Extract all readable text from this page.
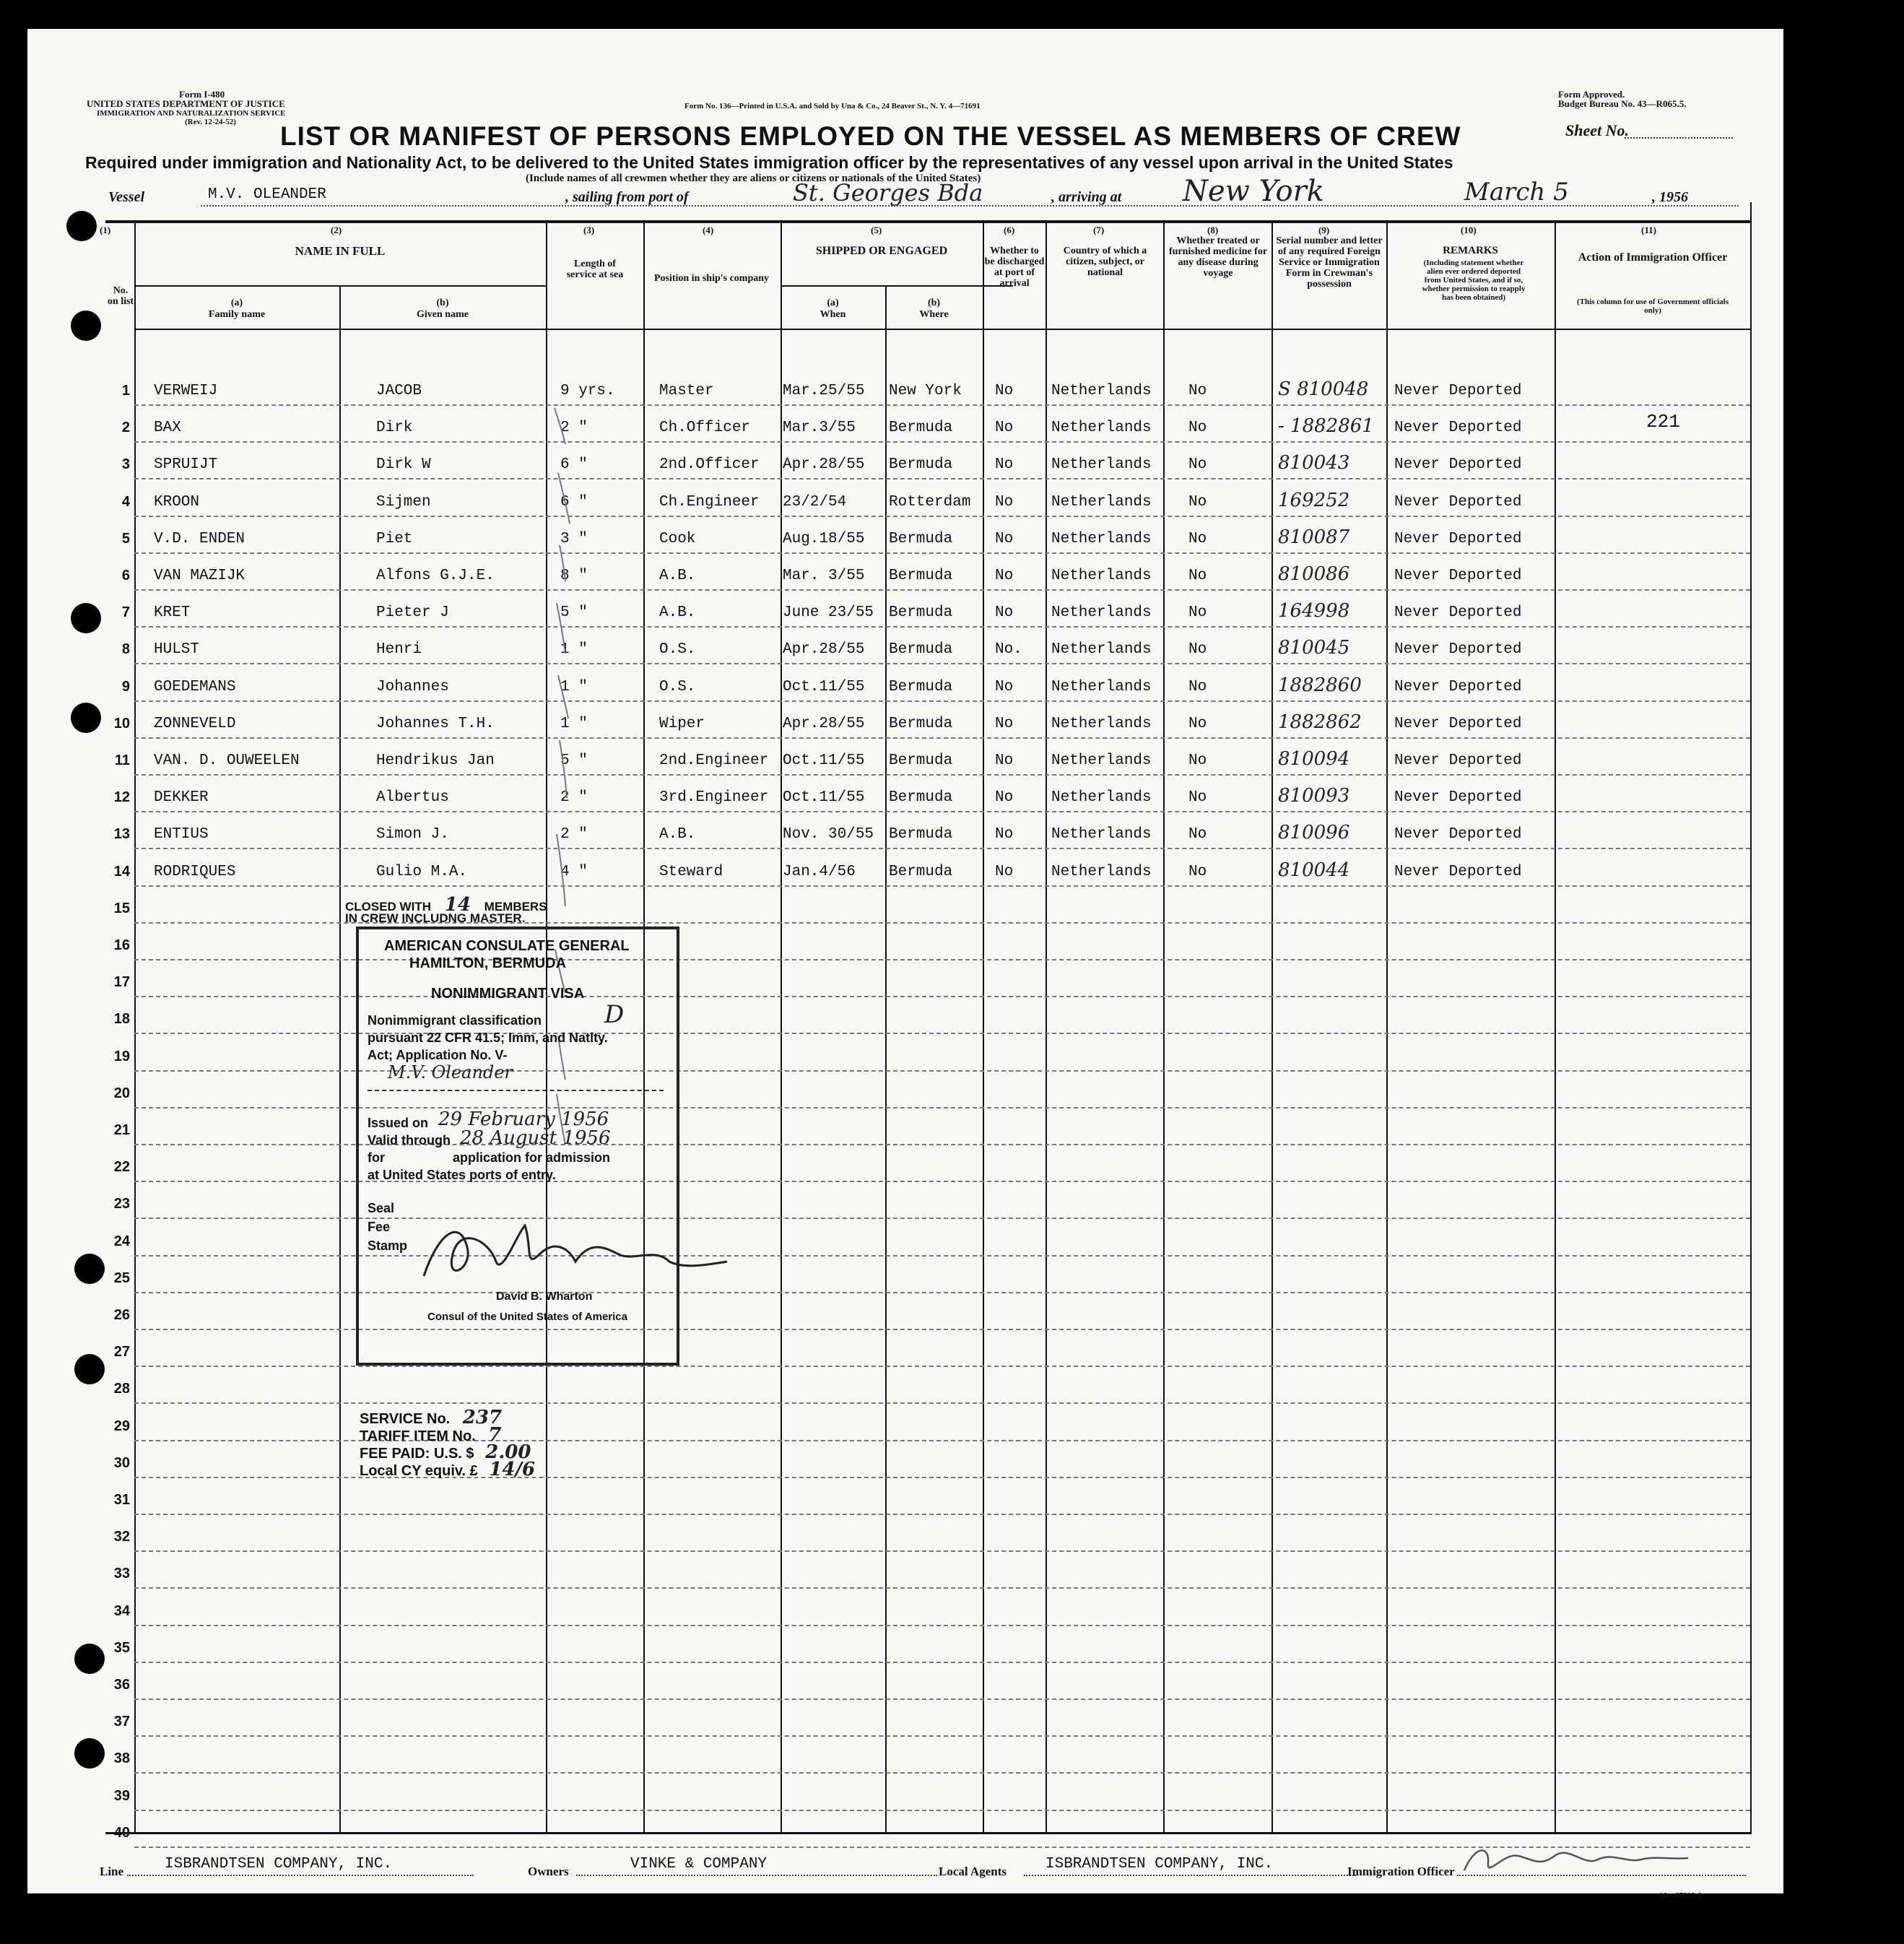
Form I-480
UNITED STATES DEPARTMENT OF JUSTICE
IMMIGRATION AND NATURALIZATION SERVICE
(Rev. 12-24-52)
Form No. 136—Printed in U.S.A. and Sold by Una & Co., 24 Beaver St., N. Y. 4—71691
Form Approved.
Budget Bureau No. 43—R065.5.
LIST OR MANIFEST OF PERSONS EMPLOYED ON THE VESSEL AS MEMBERS OF CREW	Sheet No.
Required under immigration and Nationality Act, to be delivered to the United States immigration officer by the representatives of any vessel upon arrival in the United States
(Include names of all crewmen whether they are aliens or citizens or nationals of the United States)
Vessel	M.V. OLEANDER	, sailing from port of	St. Georges Bda	, arriving at New York	March 5	, 1956
(1)	(2)	(3)	(4)	(5)	(6)	(7)	(8)	(9)	(10)	(11)
No. on list
NAME IN FULL
(a)
Family name
(b)
Given name
Length of service at sea	Position in ship's company
SHIPPED OR ENGAGED
(a)
When
(b)
Where
Whether to be discharged at port of arrival
Country of which a citizen, subject, or national
Whether treated or furnished medicine for any disease during voyage
Serial number and letter of any required Foreign Service or Immigration Form in Crewman's possession
REMARKS
(Including statement whether alien ever ordered deported from United States, and if so, whether permission to reapply has been obtained)
Action of Immigration Officer
(This column for use of Government officials only)
1 VERWEIJ	JACOB	9 yrs.	Master	Mar.25/55 New York No	Netherlands No	S 810048 Never Deported
2 BAX	Dirk	2 "	Ch.Officer Mar.3/55 Bermuda	No	Netherlands No	- 1882861 Never Deported	221
3 SPRUIJT	Dirk W	6 "	2nd.Officer Apr.28/55 Bermuda	No	Netherlands No	810043	Never Deported
4 KROON	Sijmen	6 "	Ch.Engineer 23/2/54	Rotterdam No	Netherlands No	169252	Never Deported
5 V.D. ENDEN	Piet	3 "	Cook	Aug.18/55 Bermuda	No	Netherlands No	810087	Never Deported
6 VAN MAZIJK	Alfons G.J.E.	8 "	A.B.	Mar. 3/55 Bermuda	No	Netherlands No	810086	Never Deported
7 KRET	Pieter J	5 "	A.B.	June 23/55 Bermuda	No	Netherlands No	164998	Never Deported
8 HULST	Henri	1 "	O.S.	Apr.28/55 Bermuda	No. Netherlands No	810045	Never Deported
9 GOEDEMANS	Johannes	1 "	O.S.	Oct.11/55 Bermuda	No	Netherlands No	1882860 Never Deported
10 ZONNEVELD	Johannes T.H.	1 "	Wiper	Apr.28/55 Bermuda	No	Netherlands No	1882862 Never Deported
11 VAN. D. OUWEELEN	Hendrikus Jan	5 "	2nd.Engineer Oct.11/55 Bermuda	No	Netherlands No	810094	Never Deported
12 DEKKER	Albertus	2 "	3rd.Engineer Oct.11/55 Bermuda	No	Netherlands No	810093	Never Deported
13 ENTIUS	Simon J.	2 "	A.B.	Nov. 30/55 Bermuda	No	Netherlands No	810096	Never Deported
14 RODRIQUES	Gulio M.A.	4 "	Steward	Jan.4/56 Bermuda	No	Netherlands No	810044	Never Deported
15
16
17
18
19
20
21
22
23
24
25
26
27
28
29
30
31
32
33
34
35
36
37
38
39
40
CLOSED WITH 14 MEMBERS
IN CREW INCLUDNG MASTER.
AMERICAN CONSULATE GENERAL
HAMILTON, BERMUDA
NONIMMIGRANT VISA
Nonimmigrant classification	D
pursuant 22 CFR 41.5; Imm, and Natlty.
Act; Application No. V-
M.V. Oleander
Issued on 29 February 1956
Valid through 28 August 1956
for	application for admission
at United States ports of entry.
Seal
Fee
Stamp
David B. Wharton
Consul of the United States of America
SERVICE No. 237
TARIFF ITEM No. 7
FEE PAID: U.S. $ 2.00
Local CY equiv. £ 14/6
Line	ISBRANDTSEN COMPANY, INC.	Owners	VINKE & COMPANY	Local Agents	ISBRANDTSEN COMPANY, INC.	Immigration Officer
16—67829-1
